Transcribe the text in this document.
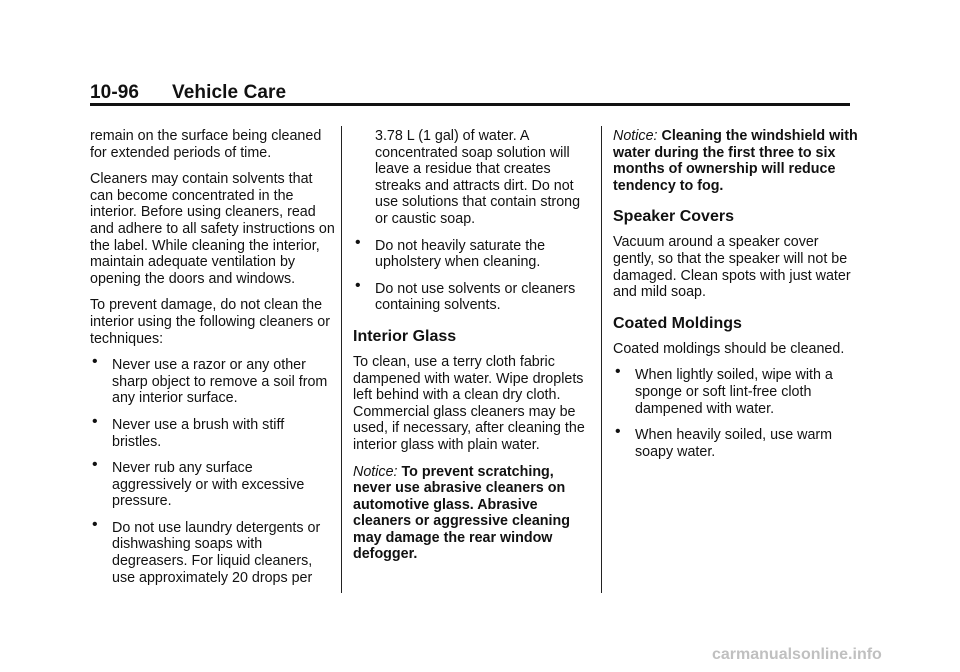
10-96 Vehicle Care

remain on the surface being cleaned for extended periods of time.

Cleaners may contain solvents that can become concentrated in the interior. Before using cleaners, read and adhere to all safety instructions on the label. While cleaning the interior, maintain adequate ventilation by opening the doors and windows.

To prevent damage, do not clean the interior using the following cleaners or techniques:

• Never use a razor or any other sharp object to remove a soil from any interior surface.
• Never use a brush with stiff bristles.
• Never rub any surface aggressively or with excessive pressure.
• Do not use laundry detergents or dishwashing soaps with degreasers. For liquid cleaners, use approximately 20 drops per
3.78 L (1 gal) of water. A concentrated soap solution will leave a residue that creates streaks and attracts dirt. Do not use solutions that contain strong or caustic soap.
• Do not heavily saturate the upholstery when cleaning.
• Do not use solvents or cleaners containing solvents.
Interior Glass

To clean, use a terry cloth fabric dampened with water. Wipe droplets left behind with a clean dry cloth. Commercial glass cleaners may be used, if necessary, after cleaning the interior glass with plain water.

Notice: To prevent scratching, never use abrasive cleaners on automotive glass. Abrasive cleaners or aggressive cleaning may damage the rear window defogger.

Notice: Cleaning the windshield with water during the first three to six months of ownership will reduce tendency to fog.

Speaker Covers

Vacuum around a speaker cover gently, so that the speaker will not be damaged. Clean spots with just water and mild soap.

Coated Moldings

Coated moldings should be cleaned.

• When lightly soiled, wipe with a sponge or soft lint-free cloth dampened with water.
• When heavily soiled, use warm soapy water.
carmanualsonline.info
